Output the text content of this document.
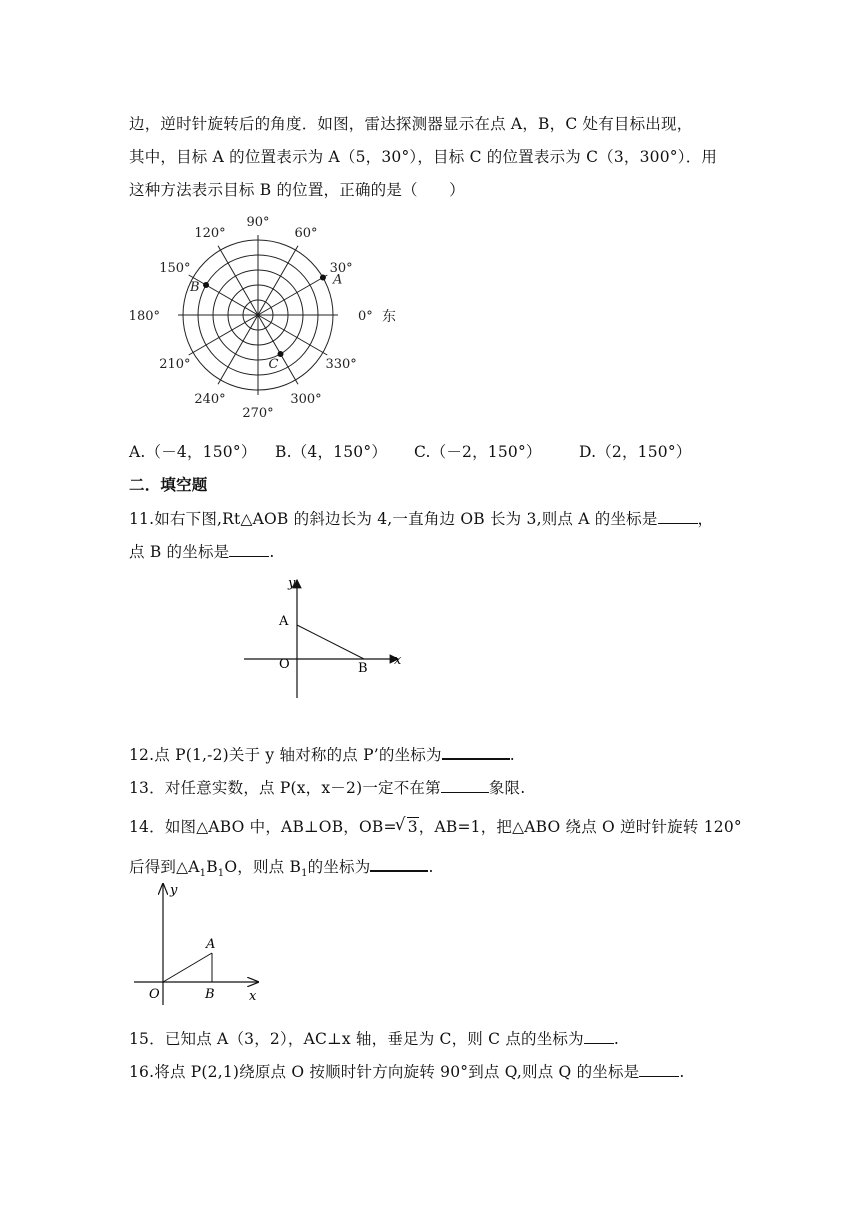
边，逆时针旋转后的角度．如图，雷达探测器显示在点 A，B，C 处有目标出现，
其中，目标 A 的位置表示为 A（5，30°），目标 C 的位置表示为 C（3，300°）．用
这种方法表示目标 B 的位置，正确的是（　　）
90°
60°
30°
0°
330°
300°
270°
240°
210°
180°
150°
120°
东
A
B
C
A.（－4，150°） B.（4，150°） C.（－2，150°） D.（2，150°）
二．填空题
11.如右下图,Rt△AOB 的斜边长为 4,一直角边 OB 长为 3,则点 A 的坐标是	，
点 B 的坐标是	.
y
x
A
O	B
12.点 P(1,-2)关于 y 轴对称的点 P’的坐标为	.
13．对任意实数，点 P(x，x－2)一定不在第	象限.
14．如图△ABO 中，AB⊥OB，OB=√ 3，AB=1，把△ABO 绕点 O 逆时针旋转 120°
后得到$\triangle A_1B_1O$，则点 $B_1$的坐标为	.
y
x
A
O	B
15．已知点 A（3，2），AC⊥x 轴，垂足为 C，则 C 点的坐标为 .
16.将点 P(2,1)绕原点 O 按顺时针方向旋转 90°到点 Q,则点 Q 的坐标是	.
